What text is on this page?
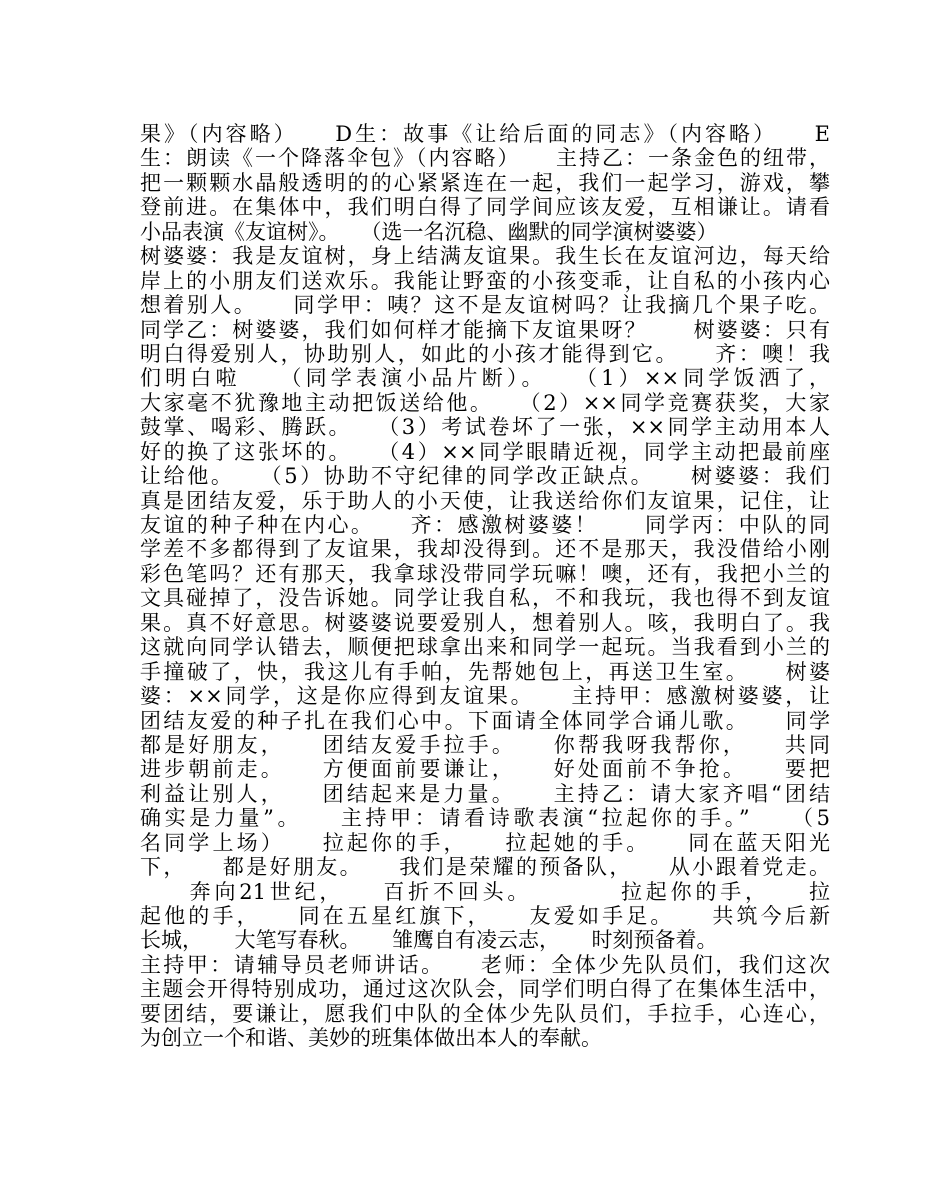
果》（内容略）　　D生：故事《让给后面的同志》（内容略）　　E
生：朗读《一个降落伞包》（内容略）　　主持乙：一条金色的纽带，
把一颗颗水晶般透明的的心紧紧连在一起，我们一起学习，游戏，攀
登前进。在集体中，我们明白得了同学间应该友爱，互相谦让。请看
小品表演《友谊树》。　　（选一名沉稳、幽默的同学演树婆婆）
树婆婆：我是友谊树，身上结满友谊果。我生长在友谊河边，每天给
岸上的小朋友们送欢乐。我能让野蛮的小孩变乖，让自私的小孩内心
想着别人。　　同学甲：咦？这不是友谊树吗？让我摘几个果子吃。
同学乙：树婆婆，我们如何样才能摘下友谊果呀？　　树婆婆：只有
明白得爱别人，协助别人，如此的小孩才能得到它。　　齐：噢！我
们明白啦　　（同学表演小品片断）。　　（1）××同学饭洒了，
大家毫不犹豫地主动把饭送给他。　　（2）××同学竞赛获奖，大家
鼓掌、喝彩、腾跃。　　（3）考试卷坏了一张，××同学主动用本人
好的换了这张坏的。　　（4）××同学眼睛近视，同学主动把最前座
让给他。　　（5）协助不守纪律的同学改正缺点。　　树婆婆：我们
真是团结友爱，乐于助人的小天使，让我送给你们友谊果，记住，让
友谊的种子种在内心。　　齐：感激树婆婆！　　同学丙：中队的同
学差不多都得到了友谊果，我却没得到。还不是那天，我没借给小刚
彩色笔吗？还有那天，我拿球没带同学玩嘛！噢，还有，我把小兰的
文具碰掉了，没告诉她。同学让我自私，不和我玩，我也得不到友谊
果。真不好意思。树婆婆说要爱别人，想着别人。咳，我明白了。我
这就向同学认错去，顺便把球拿出来和同学一起玩。当我看到小兰的
手撞破了，快，我这儿有手帕，先帮她包上，再送卫生室。　　树婆
婆：××同学，这是你应得到友谊果。　　主持甲：感激树婆婆，让
团结友爱的种子扎在我们心中。下面请全体同学合诵儿歌。　　同学
都是好朋友，　　团结友爱手拉手。　　你帮我呀我帮你，　　共同
进步朝前走。　　方便面前要谦让，　　好处面前不争抢。　　要把
利益让别人，　　团结起来是力量。　　主持乙：请大家齐唱“团结
确实是力量”。　　主持甲：请看诗歌表演“拉起你的手。”　　（5
名同学上场）　　拉起你的手，　　拉起她的手。　　同在蓝天阳光
下，　　都是好朋友。　　我们是荣耀的预备队，　　从小跟着党走。
　　奔向21世纪，　　百折不回头。　　　　拉起你的手，　　拉
起他的手，　　同在五星红旗下，　　友爱如手足。　　共筑今后新
长城，　　大笔写春秋。　　雏鹰自有凌云志，　　时刻预备着。
主持甲：请辅导员老师讲话。　　老师：全体少先队员们，我们这次
主题会开得特别成功，通过这次队会，同学们明白得了在集体生活中，
要团结，要谦让，愿我们中队的全体少先队员们，手拉手，心连心，
为创立一个和谐、美妙的班集体做出本人的奉献。
